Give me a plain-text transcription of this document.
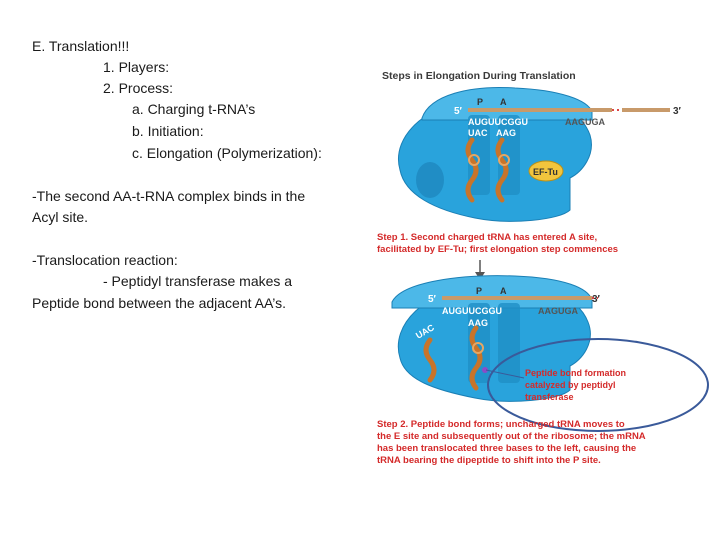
E. Translation!!!
1. Players:
2. Process:
a. Charging t-RNA’s
b. Initiation:
c. Elongation (Polymerization):
-The second AA-t-RNA complex binds in the
Acyl site.
-Translocation reaction:
- Peptidyl transferase makes a
Peptide bond between the adjacent AA’s.
Steps in Elongation During Translation
5′	3′
P A
AUGUUCGGU	AAGUGA
UAC AAG
EF-Tu
Step 1. Second charged tRNA has entered A site,
facilitated by EF-Tu; first elongation step commences
5′	3′
P A
AUGUUCGGU	AAGUGA
AAG
UAC
Peptide bond formation
catalyzed by peptidyl
transferase
Step 2. Peptide bond forms; uncharged tRNA moves to
the E site and subsequently out of the ribosome; the mRNA
has been translocated three bases to the left, causing the
tRNA bearing the dipeptide to shift into the P site.
